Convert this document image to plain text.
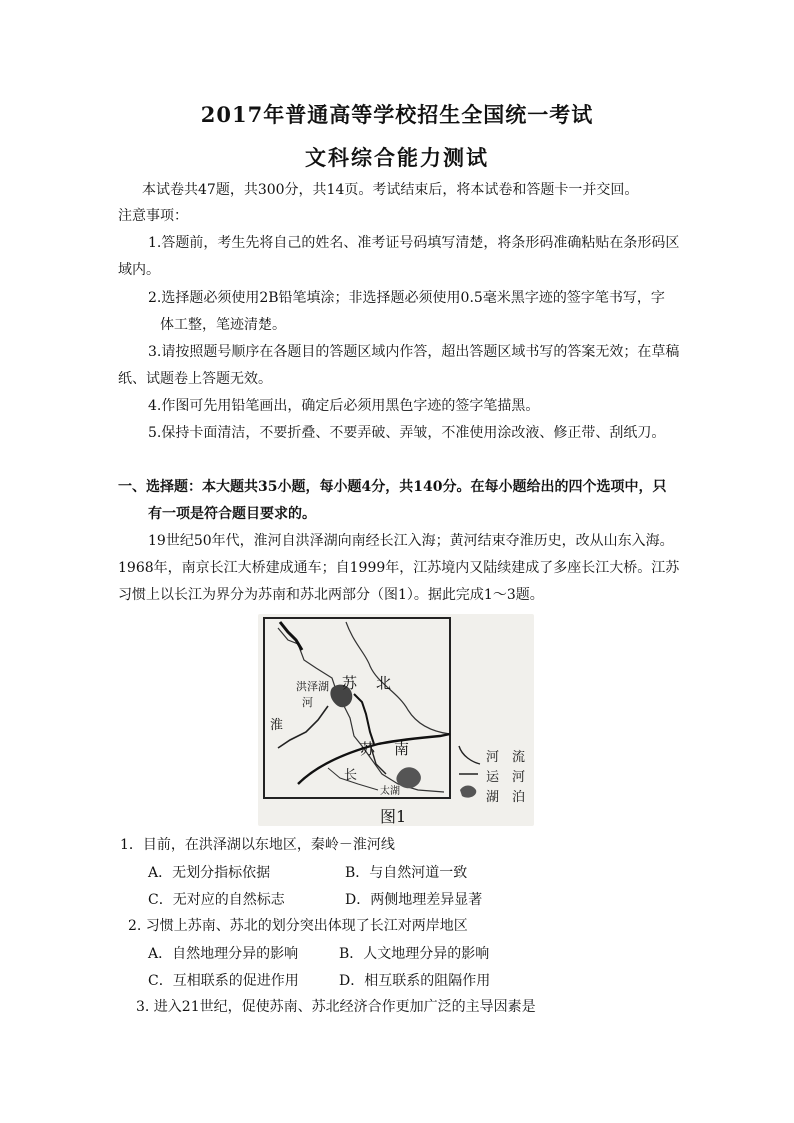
2017年普通高等学校招生全国统一考试
文科综合能力测试
本试卷共47题，共300分，共14页。考试结束后，将本试卷和答题卡一并交回。
注意事项：
1.答题前，考生先将自己的姓名、准考证号码填写清楚，将条形码准确粘贴在条形码区
域内。
2.选择题必须使用2B铅笔填涂；非选择题必须使用0.5毫米黑字迹的签字笔书写，字
体工整，笔迹清楚。
3.请按照题号顺序在各题目的答题区域内作答，超出答题区域书写的答案无效；在草稿
纸、试题卷上答题无效。
4.作图可先用铅笔画出，确定后必须用黑色字迹的签字笔描黑。
5.保持卡面清洁，不要折叠、不要弄破、弄皱，不准使用涂改液、修正带、刮纸刀。
一、选择题：本大题共35小题，每小题4分，共140分。在每小题给出的四个选项中，只
有一项是符合题目要求的。
19世纪50年代，淮河自洪泽湖向南经长江入海；黄河结束夺淮历史，改从山东入海。
1968年，南京长江大桥建成通车；自1999年，江苏境内又陆续建成了多座长江大桥。江苏
习惯上以长江为界分为苏南和苏北两部分（图1）。据此完成1～3题。
苏 北
洪泽湖
河
淮
苏 南
长
太湖
河
运
湖
流
河
泊
图1
1．目前，在洪泽湖以东地区，秦岭－淮河线
A．无划分指标依据	B．与自然河道一致
C．无对应的自然标志	D．两侧地理差异显著
2. 习惯上苏南、苏北的划分突出体现了长江对两岸地区
A．自然地理分异的影响	B．人文地理分异的影响
C．互相联系的促进作用	D．相互联系的阻隔作用
3. 进入21世纪，促使苏南、苏北经济合作更加广泛的主导因素是
